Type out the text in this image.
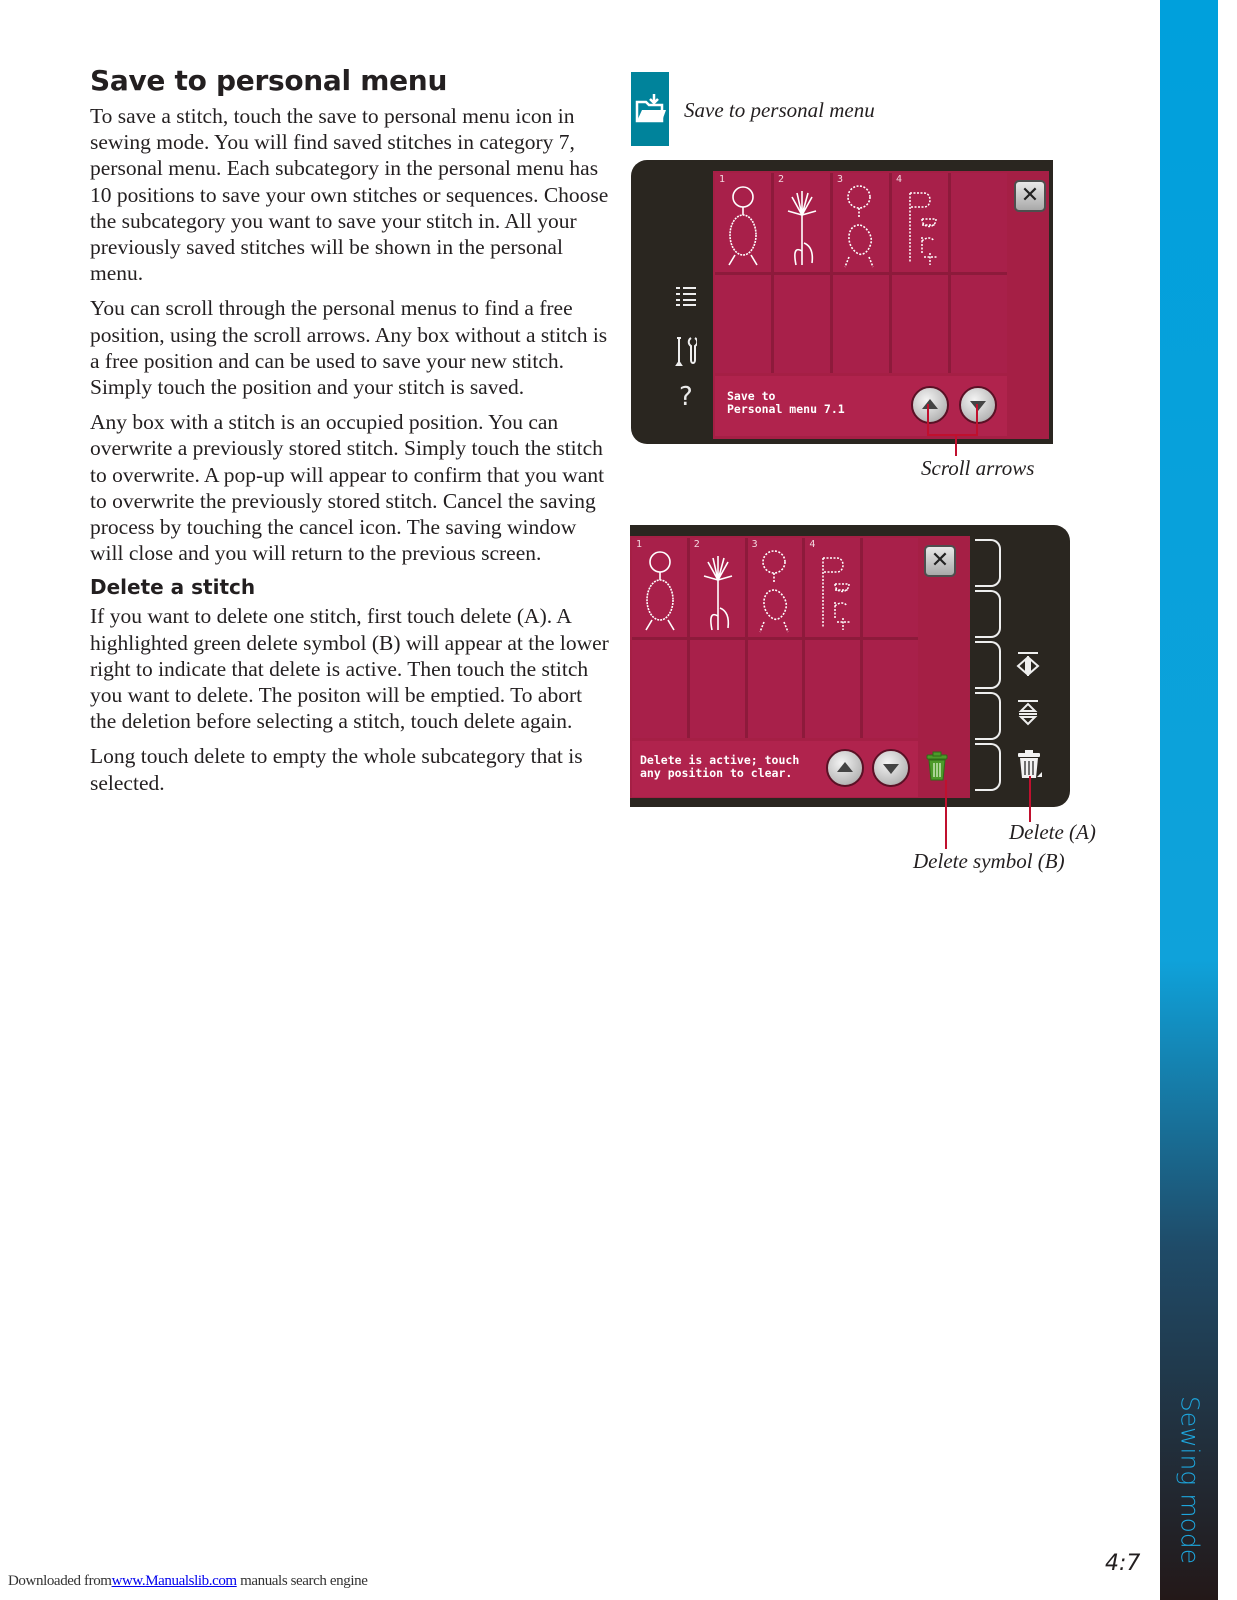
Sewing mode
4:7
Downloaded fromwww.Manualslib.com manuals search engine
Save to personal menu

To save a stitch, touch the save to personal menu icon in sewing mode. You will find saved stitches in category 7, personal menu. Each subcategory in the personal menu has 10 positions to save your own stitches or sequences. Choose the subcategory you want to save your stitch in. All your previously saved stitches will be shown in the personal menu.

You can scroll through the personal menus to find a free position, using the scroll arrows. Any box without a stitch is a free position and can be used to save your new stitch. Simply touch the position and your stitch is saved.

Any box with a stitch is an occupied position. You can overwrite a previously stored stitch. Simply touch the stitch to overwrite. A pop-up will appear to confirm that you want to overwrite the previously stored stitch. Cancel the saving process by touching the cancel icon. The saving window will close and you will return to the previous screen.

Delete a stitch

If you want to delete one stitch, first touch delete (A). A highlighted green delete symbol (B) will appear at the lower right to indicate that delete is active. Then touch the stitch you want to delete. The positon will be emptied. To abort the deletion before selecting a stitch, touch delete again.

Long touch delete to empty the whole subcategory that is selected.

Save to personal menu
?
1	2	3	4
Save to
Personal menu 7.1
✕
Scroll arrows
1	2	3	4
Delete is active; touch
any position to clear.
✕
Delete (A)
Delete symbol (B)
